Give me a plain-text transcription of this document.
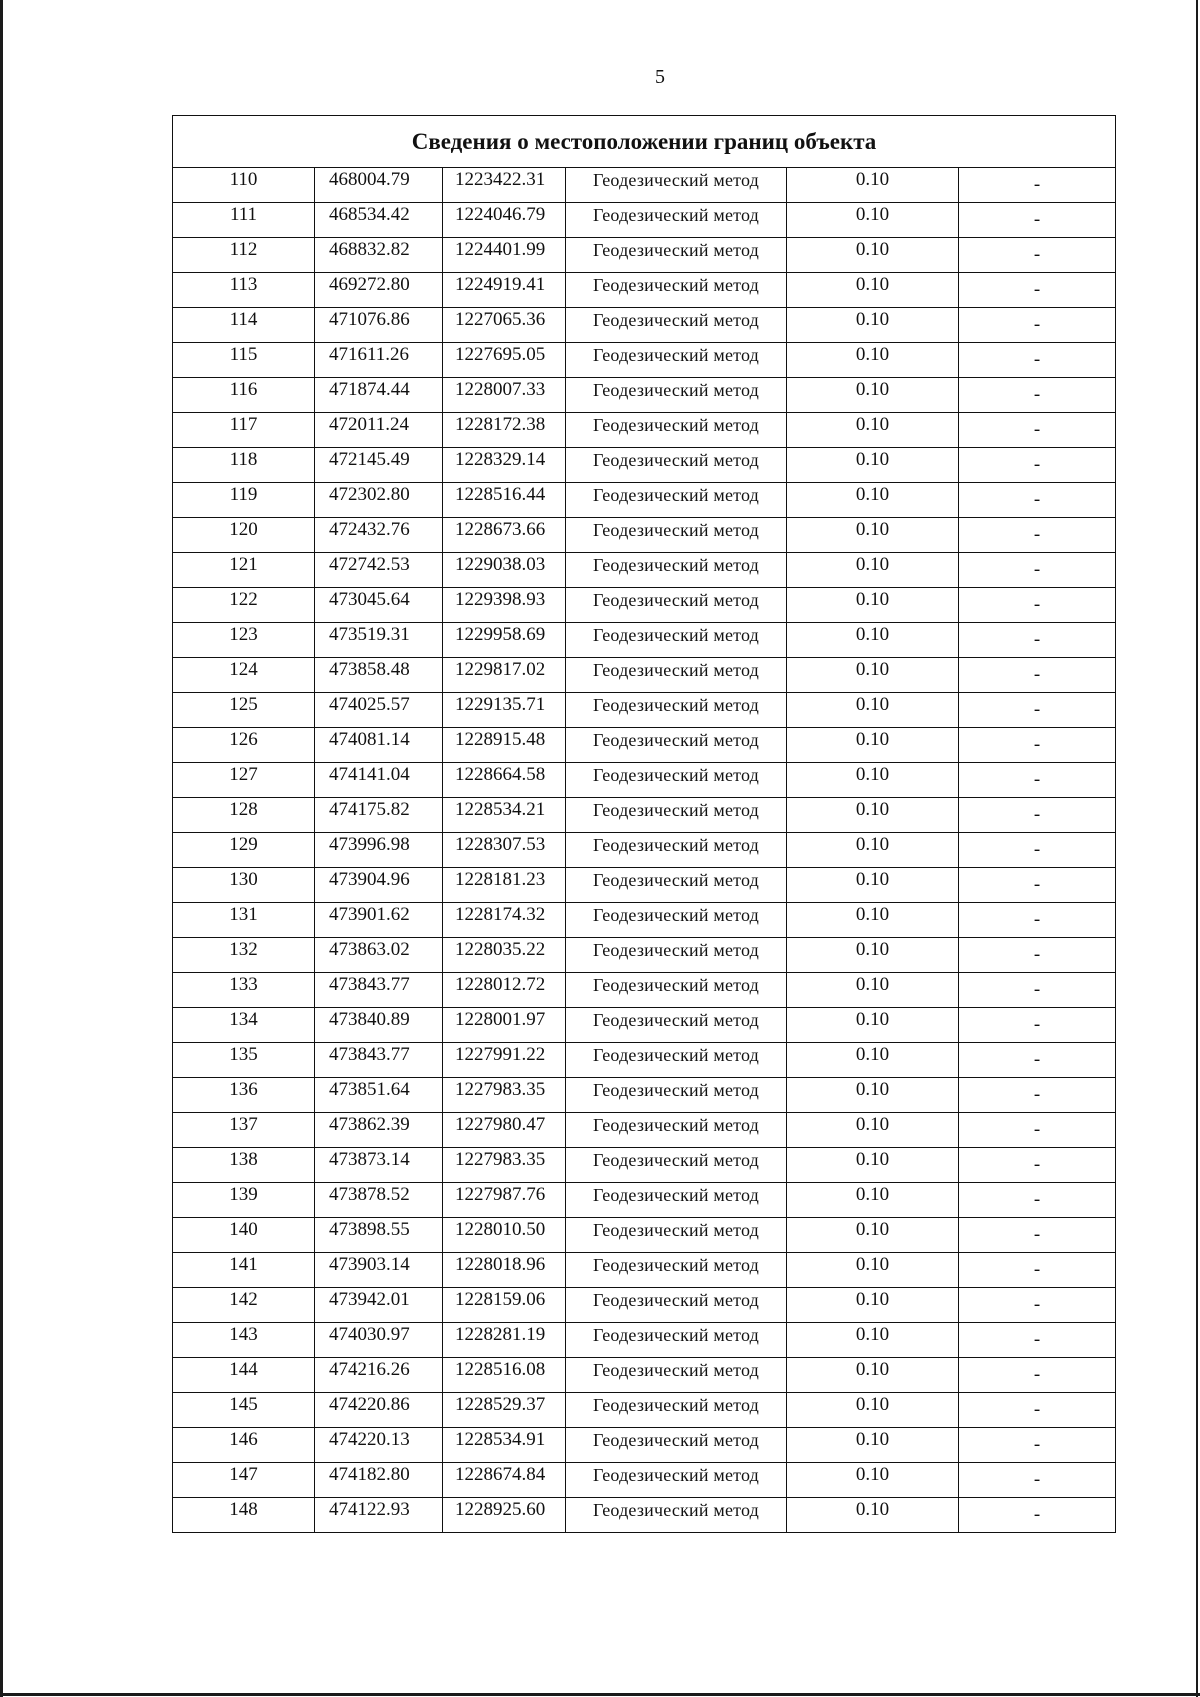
5
Сведения о местоположении границ объекта					
110	468004.79	1223422.31	Геодезический метод	0.10	-
111	468534.42	1224046.79	Геодезический метод	0.10	-
112	468832.82	1224401.99	Геодезический метод	0.10	-
113	469272.80	1224919.41	Геодезический метод	0.10	-
114	471076.86	1227065.36	Геодезический метод	0.10	-
115	471611.26	1227695.05	Геодезический метод	0.10	-
116	471874.44	1228007.33	Геодезический метод	0.10	-
117	472011.24	1228172.38	Геодезический метод	0.10	-
118	472145.49	1228329.14	Геодезический метод	0.10	-
119	472302.80	1228516.44	Геодезический метод	0.10	-
120	472432.76	1228673.66	Геодезический метод	0.10	-
121	472742.53	1229038.03	Геодезический метод	0.10	-
122	473045.64	1229398.93	Геодезический метод	0.10	-
123	473519.31	1229958.69	Геодезический метод	0.10	-
124	473858.48	1229817.02	Геодезический метод	0.10	-
125	474025.57	1229135.71	Геодезический метод	0.10	-
126	474081.14	1228915.48	Геодезический метод	0.10	-
127	474141.04	1228664.58	Геодезический метод	0.10	-
128	474175.82	1228534.21	Геодезический метод	0.10	-
129	473996.98	1228307.53	Геодезический метод	0.10	-
130	473904.96	1228181.23	Геодезический метод	0.10	-
131	473901.62	1228174.32	Геодезический метод	0.10	-
132	473863.02	1228035.22	Геодезический метод	0.10	-
133	473843.77	1228012.72	Геодезический метод	0.10	-
134	473840.89	1228001.97	Геодезический метод	0.10	-
135	473843.77	1227991.22	Геодезический метод	0.10	-
136	473851.64	1227983.35	Геодезический метод	0.10	-
137	473862.39	1227980.47	Геодезический метод	0.10	-
138	473873.14	1227983.35	Геодезический метод	0.10	-
139	473878.52	1227987.76	Геодезический метод	0.10	-
140	473898.55	1228010.50	Геодезический метод	0.10	-
141	473903.14	1228018.96	Геодезический метод	0.10	-
142	473942.01	1228159.06	Геодезический метод	0.10	-
143	474030.97	1228281.19	Геодезический метод	0.10	-
144	474216.26	1228516.08	Геодезический метод	0.10	-
145	474220.86	1228529.37	Геодезический метод	0.10	-
146	474220.13	1228534.91	Геодезический метод	0.10	-
147	474182.80	1228674.84	Геодезический метод	0.10	-
148	474122.93	1228925.60	Геодезический метод	0.10	-
